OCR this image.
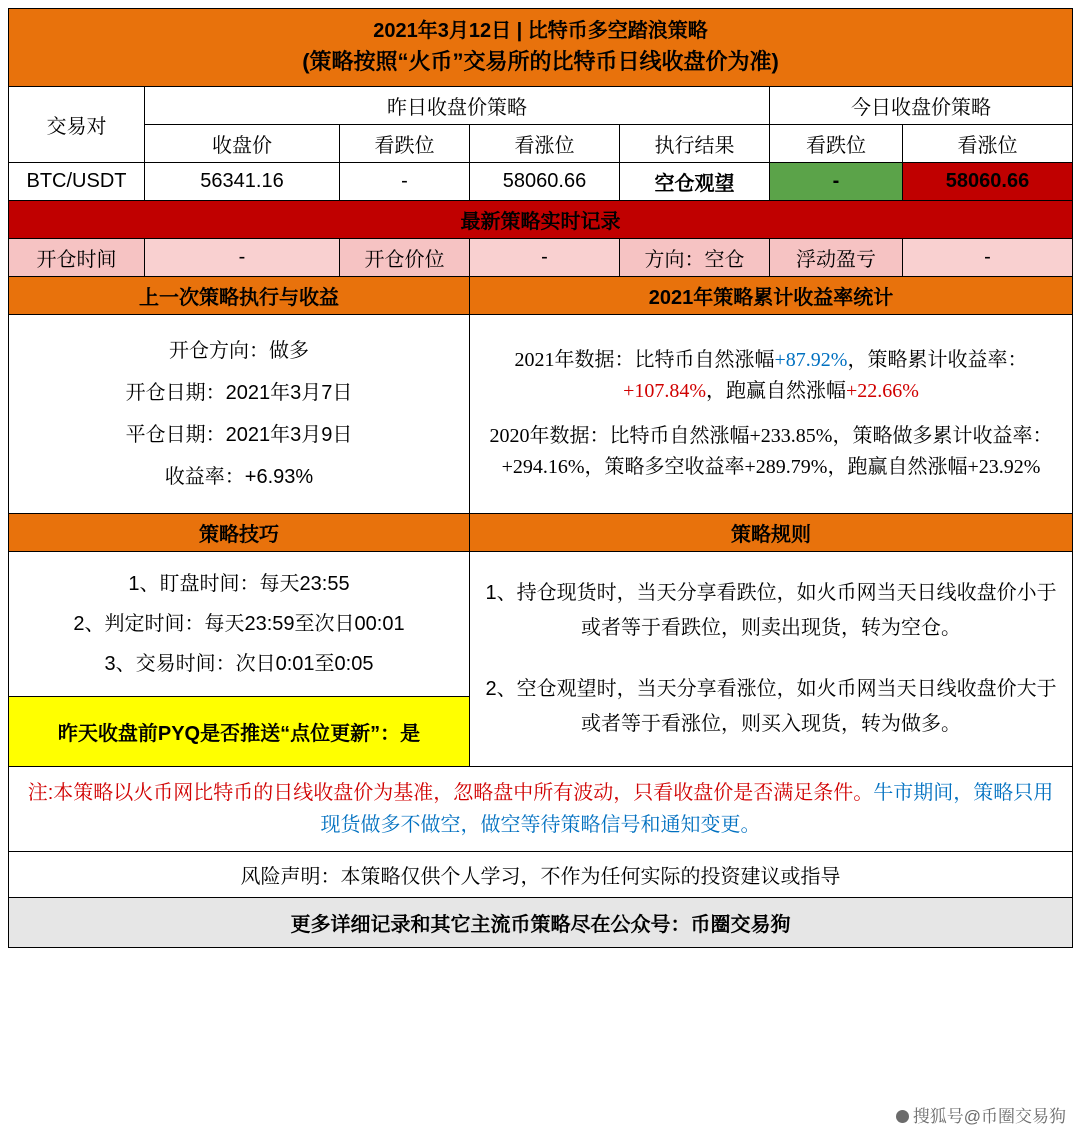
2021年3月12日 | 比特币多空踏浪策略
(策略按照“火币”交易所的比特币日线收盘价为准)						

交易对	昨日收盘价策略				今日收盘价策略	
	收盘价	看跌位	看涨位	执行结果	看跌位	看涨位
BTC/USDT	56341.16	-	58060.66	空仓观望	-	58060.66
最新策略实时记录						
开仓时间	-	开仓价位	-	方向：空仓	浮动盈亏	-
上一次策略执行与收益			2021年策略累计收益率统计			

开仓方向：做多
开仓日期：2021年3月7日
平仓日期：2021年3月9日
收益率：+6.93%

2021年数据：比特币自然涨幅+87.92%，策略累计收益率：+107.84%，跑赢自然涨幅+22.66%

2020年数据：比特币自然涨幅+233.85%，策略做多累计收益率：+294.16%，策略多空收益率+289.79%，跑赢自然涨幅+23.92%

策略技巧			策略规则			

1、盯盘时间：每天23:55
2、判定时间：每天23:59至次日00:01
3、交易时间：次日0:01至0:05

1、持仓现货时，当天分享看跌位，如火币网当天日线收盘价小于或者等于看跌位，则卖出现货，转为空仓。

2、空仓观望时，当天分享看涨位，如火币网当天日线收盘价大于或者等于看涨位，则买入现货，转为做多。

昨天收盘前PYQ是否推送“点位更新”：是						
注:本策略以火币网比特币的日线收盘价为基准，忽略盘中所有波动，只看收盘价是否满足条件。牛市期间，策略只用现货做多不做空，做空等待策略信号和通知变更。						
风险声明：本策略仅供个人学习，不作为任何实际的投资建议或指导						
更多详细记录和其它主流币策略尽在公众号：币圈交易狗						
搜狐号@币圈交易狗
